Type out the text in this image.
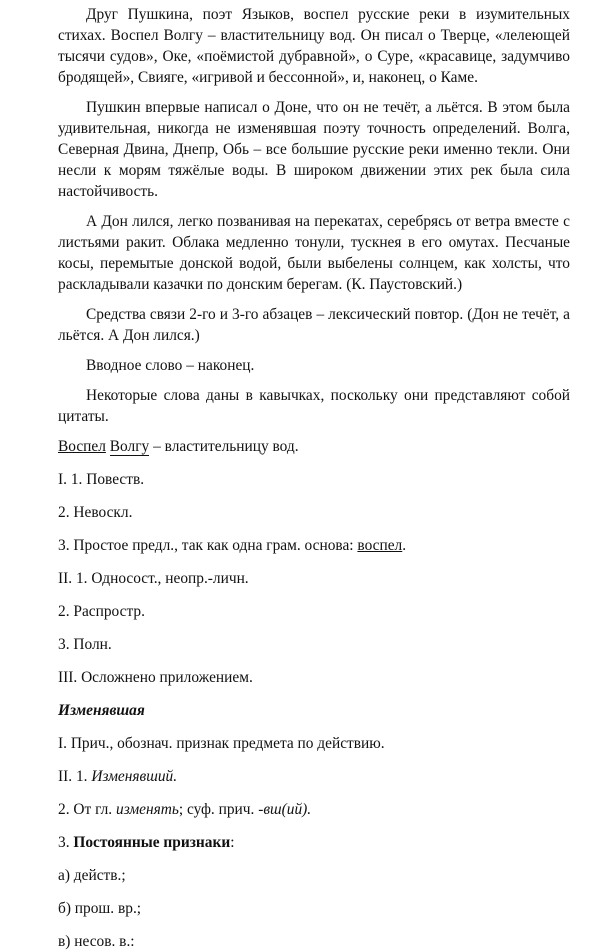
Друг Пушкина, поэт Языков, воспел русские реки в изумительных стихах. Воспел Волгу – властительницу вод. Он писал о Тверце, «лелеющей тысячи судов», Оке, «поёмистой дубравной», о Суре, «красавице, задумчиво бродящей», Свияге, «игривой и бессонной», и, наконец, о Каме.

Пушкин впервые написал о Доне, что он не течёт, а льётся. В этом была удивительная, никогда не изменявшая поэту точность определений. Волга, Северная Двина, Днепр, Обь – все большие русские реки именно текли. Они несли к морям тяжёлые воды. В широком движении этих рек была сила настойчивость.

А Дон лился, легко позванивая на перекатах, серебрясь от ветра вместе с листьями ракит. Облака медленно тонули, тускнея в его омутах. Песчаные косы, перемытые донской водой, были выбелены солнцем, как холсты, что раскладывали казачки по донским берегам. (К. Паустовский.)

Средства связи 2-го и 3-го абзацев – лексический повтор. (Дон не течёт, а льётся. А Дон лился.)

Вводное слово – наконец.

Некоторые слова даны в кавычках, поскольку они представляют собой цитаты.

Воспел Волгу – властительницу вод.

I. 1. Повеств.

2. Невоскл.

3. Простое предл., так как одна грам. основа: воспел.

II. 1. Односост., неопр.-личн.

2. Распростр.

3. Полн.

III. Осложнено приложением.

Изменявшая

I. Прич., обознач. признак предмета по действию.

II. 1. Изменявший.

2. От гл. изменять; суф. прич. -вш(ий).

3. Постоянные признаки:

а) действ.;

б) прош. вр.;

в) несов. в.:
